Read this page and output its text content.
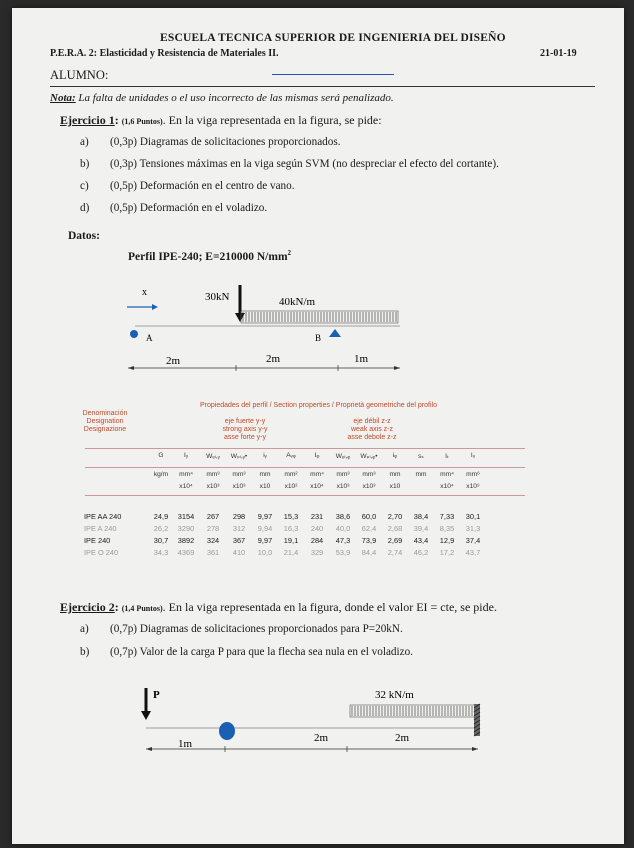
ESCUELA TECNICA SUPERIOR DE INGENIERIA DEL DISEÑO
P.E.R.A. 2: Elasticidad y Resistencia de Materiales II.	21-01-19
ALUMNO:
Nota: La falta de unidades o el uso incorrecto de las mismas será penalizado.
Ejercicio 1: (1,6 Puntos). En la viga representada en la figura, se pide:
a) (0,3p) Diagramas de solicitaciones proporcionados.
b) (0,3p) Tensiones máximas en la viga según SVM (no despreciar el efecto del cortante).
c) (0,5p) Deformación en el centro de vano.
d) (0,5p) Deformación en el voladizo.
Datos:
Perfil IPE-240; E=210000 $N/mm^2$
x	30kN	40kN/m
A	B
2m	2m	1m
Propiedades del perfil / Section properties / Proprietà geometriche del profilo
Denominación
Designation
Designazione
eje fuerte y-y
strong axis y-y
asse forte y-y
eje débil z-z
weak axis z-z
asse debole z-z
G	Iᵧ	Wₑₗ,ᵧ	Wₚₗ,ᵧ•	iᵧ	Aᵥᵩ	Iᵩ	Wₑₗ,ᵩ	Wₚₗ,ᵩ•	iᵩ	sₛ	Iₜ	Iᵤ
kg/m	mm⁴	mm³	mm³	mm	mm²	mm⁴	mm³	mm³	mm	mm	mm⁴	mm⁶
x10⁴	x10³	x10³	x10	x10²	x10⁴	x10³	x10³	x10	x10⁴	x10⁹
IPE AA 240	24,9	3154	267	298	9,97	15,3	231	38,6	60,0	2,70	38,4	7,33	30,1
IPE A 240	26,2	3290	278	312	9,94	16,3	240	40,0	62,4	2,68	39,4	8,35	31,3
IPE 240	30,7	3892	324	367	9,97	19,1	284	47,3	73,9	2,69	43,4	12,9	37,4
IPE O 240	34,3	4369	361	410	10,0	21,4	329	53,9	84,4	2,74	46,2	17,2	43,7
Ejercicio 2: (1,4 Puntos). En la viga representada en la figura, donde el valor EI = cte, se pide.
a) (0,7p) Diagramas de solicitaciones proporcionados para P=20kN.
b) (0,7p) Valor de la carga P para que la flecha sea nula en el voladizo.
P	32 kN/m
1m	2m	2m
